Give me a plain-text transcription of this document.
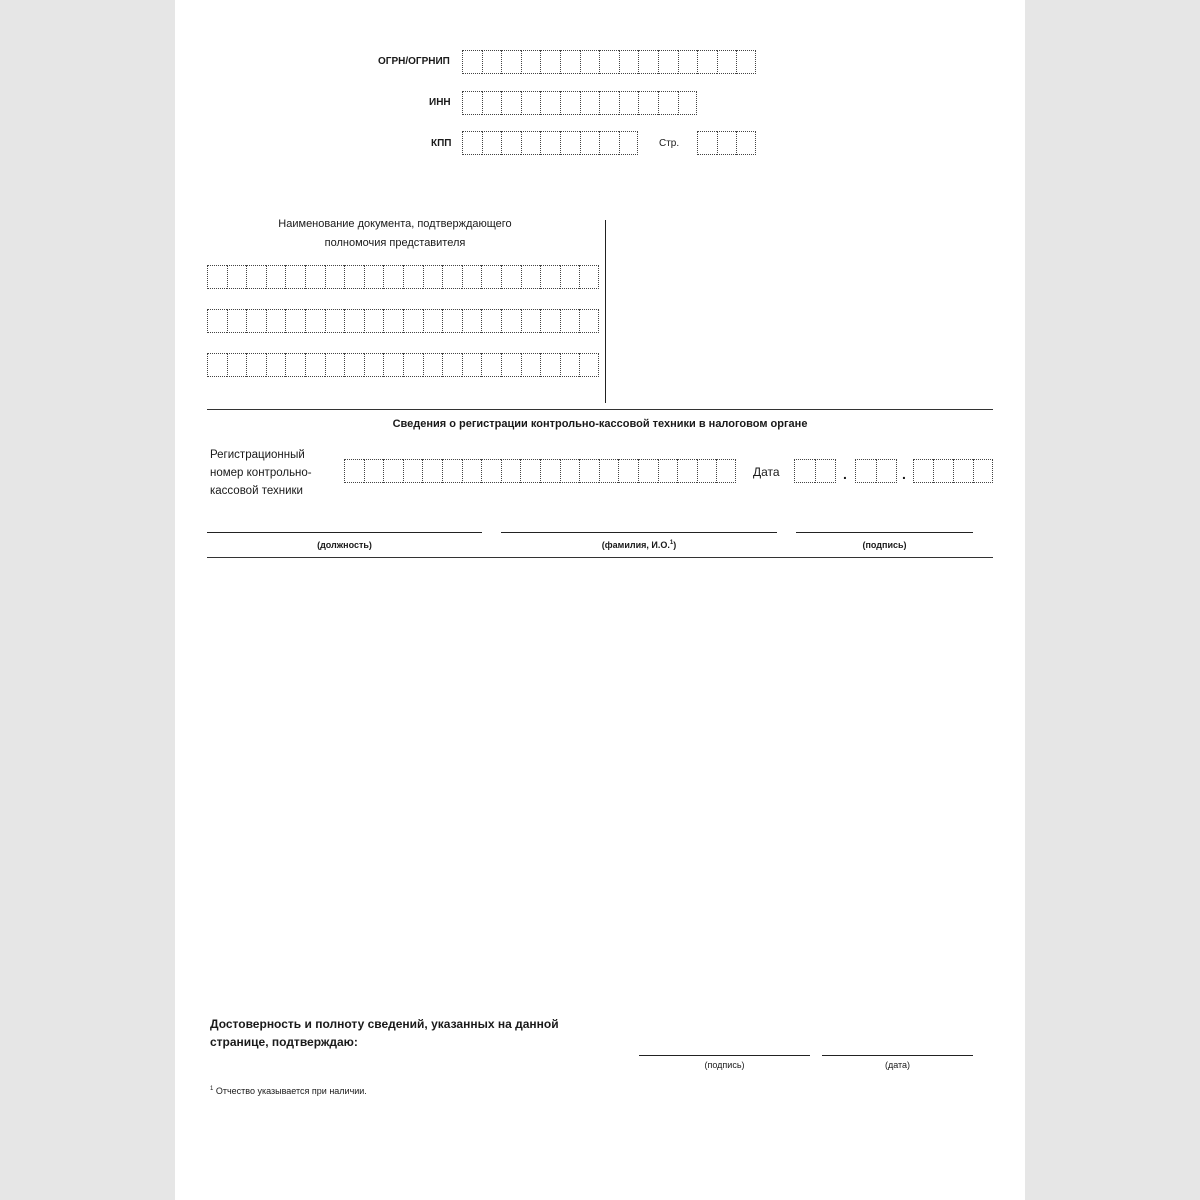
ОГРН/ОГРНИП
ИНН
КПП	Стр.
Наименование документа, подтверждающего
полномочия представителя
Сведения о регистрации контрольно-кассовой техники в налоговом органе
Регистрационный
номер контрольно-
кассовой техники
Дата	.	.
(должность)	(фамилия, И.О.$^1$)	(подпись)
Достоверность и полноту сведений, указанных на данной
странице, подтверждаю:
(подпись)	(дата)
$^1$ Отчество указывается при наличии.
